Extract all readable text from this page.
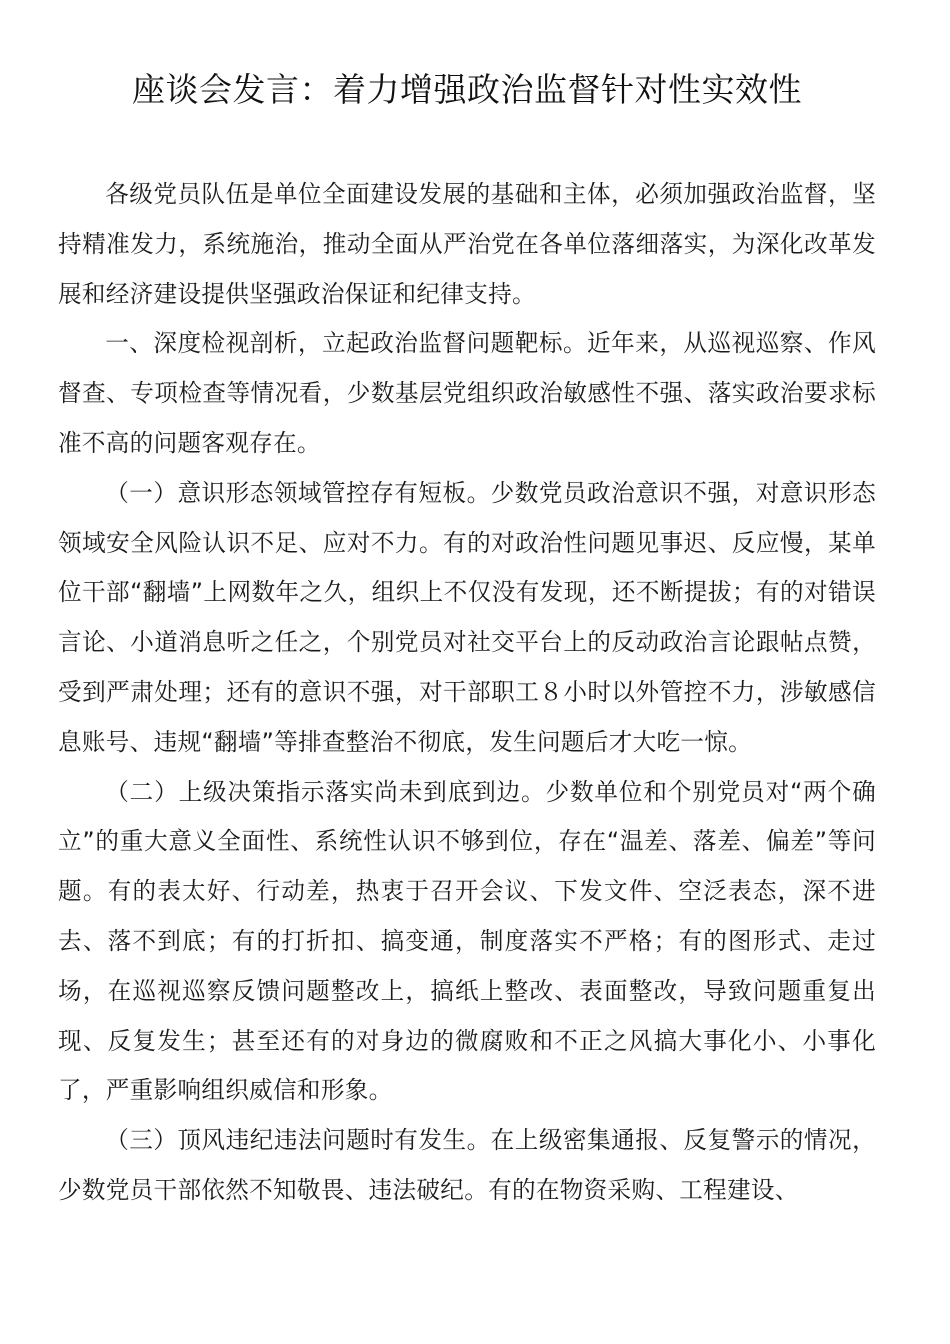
座谈会发言：着力增强政治监督针对性实效性

各级党员队伍是单位全面建设发展的基础和主体，必须加强政治监督，坚持精准发力，系统施治，推动全面从严治党在各单位落细落实，为深化改革发展和经济建设提供坚强政治保证和纪律支持。

一、深度检视剖析，立起政治监督问题靶标。近年来，从巡视巡察、作风督查、专项检查等情况看，少数基层党组织政治敏感性不强、落实政治要求标准不高的问题客观存在。

（一）意识形态领域管控存有短板。少数党员政治意识不强，对意识形态领域安全风险认识不足、应对不力。有的对政治性问题见事迟、反应慢，某单位干部“翻墙”上网数年之久，组织上不仅没有发现，还不断提拔；有的对错误言论、小道消息听之任之，个别党员对社交平台上的反动政治言论跟帖点赞，受到严肃处理；还有的意识不强，对干部职工８小时以外管控不力，涉敏感信息账号、违规“翻墙”等排查整治不彻底，发生问题后才大吃一惊。

（二）上级决策指示落实尚未到底到边。少数单位和个别党员对“两个确立”的重大意义全面性、系统性认识不够到位，存在“温差、落差、偏差”等问题。有的表太好、行动差，热衷于召开会议、下发文件、空泛表态，深不进去、落不到底；有的打折扣、搞变通，制度落实不严格；有的图形式、走过场，在巡视巡察反馈问题整改上，搞纸上整改、表面整改，导致问题重复出现、反复发生；甚至还有的对身边的微腐败和不正之风搞大事化小、小事化了，严重影响组织威信和形象。

（三）顶风违纪违法问题时有发生。在上级密集通报、反复警示的情况，少数党员干部依然不知敬畏、违法破纪。有的在物资采购、工程建设、
